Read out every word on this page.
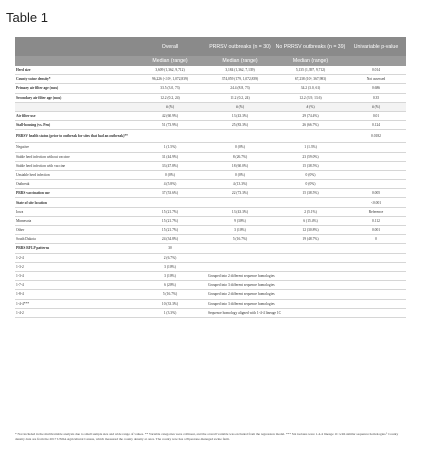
Table 1
	Overall	PRRSV outbreaks (n = 30)	No PRRSV outbreaks (n = 39)	Univariable p-value
	Median (range)	Median (range)	Median (range)	
Herd size	3,609 (1,362, 9,712)	3,184 (1,362, 7,139)	5,135 (1,397, 9,712)	0.014
County swine density*	96,226 (<10³, 1,072,839)	374,059 (179, 1,072,839)	67,238 (10³, 367,983)	Not assessed
Primary air filter age (mos)	33.5 (3.0, 73)	24.4 (8.8, 73)	34.2 (3.0, 61)	0.686
Secondary air filter age (mos)	12.2 (0.2, 24)	11.2 (0.2, 24)	12.2 (3.9, 13.6)	0.35
	# (%)	# (%)	# (%)	# (%)
Air filter use	42 (60.9%)	13 (43.3%)	29 (74.4%)	0.01
Stall-housing (vs. Pen)	51 (73.9%)	25 (83.3%)	26 (66.7%)	0.124
PRRSV health status (prior to outbreak for sites that had an outbreak)**				0.0182
Negative	1 (1.5%)	0 (0%)	1 (1.3%)	
Stable herd infection without vaccine	31 (44.9%)	8 (26.7%)	23 (59.0%)	
Stable herd infection with vaccine	33 (47.8%)	18 (60.0%)	15 (38.5%)	
Unstable herd infection	0 (0%)	0 (0%)	0 (0%)	
Outbreak	4 (5.8%)	4 (13.3%)	0 (0%)	
PRRS vaccination use	37 (53.6%)	22 (73.3%)	15 (38.5%)	0.005
State of site location				<0.001
Iowa	15 (21.7%)	13 (43.3%)	2 (5.1%)	Reference
Minnesota	15 (21.7%)	9 (30%)	6 (15.4%)	0.112
Other	15 (21.7%)	3 (10%)	12 (30.8%)	0.001
South Dakota	24 (34.8%)	5 (16.7%)	19 (48.7%)	0
PRRS RFLP patterns	30			
1-2-4	2 (6.7%)			
1-3-2	3 (10%)			
1-3-4	3 (10%)	Grouped into 2 different sequence homologies		
1-7-4	6 (20%)	Grouped into 3 different sequence homologies		
1-8-4	5 (16.7%)	Grouped into 2 different sequence homologies		
1-4-4***	10 (33.3%)	Grouped into 3 different sequence homologies		
1-4-2	1 (3.3%)	Sequence homology aligned with 1-4-4 lineage 1C		
* Not included in the multivariable analysis due to small sample size and wide range of values. ** Variable categories were collinear, and the overall variable was excluded from the regression model. *** Six isolates were 1-4-4 lineage 1C with similar sequence homologies.¹ County density data are from the 2017 USDA Agricultural Census, which measured the county density at once. The county now has a Pipestone-managed swine farm.
